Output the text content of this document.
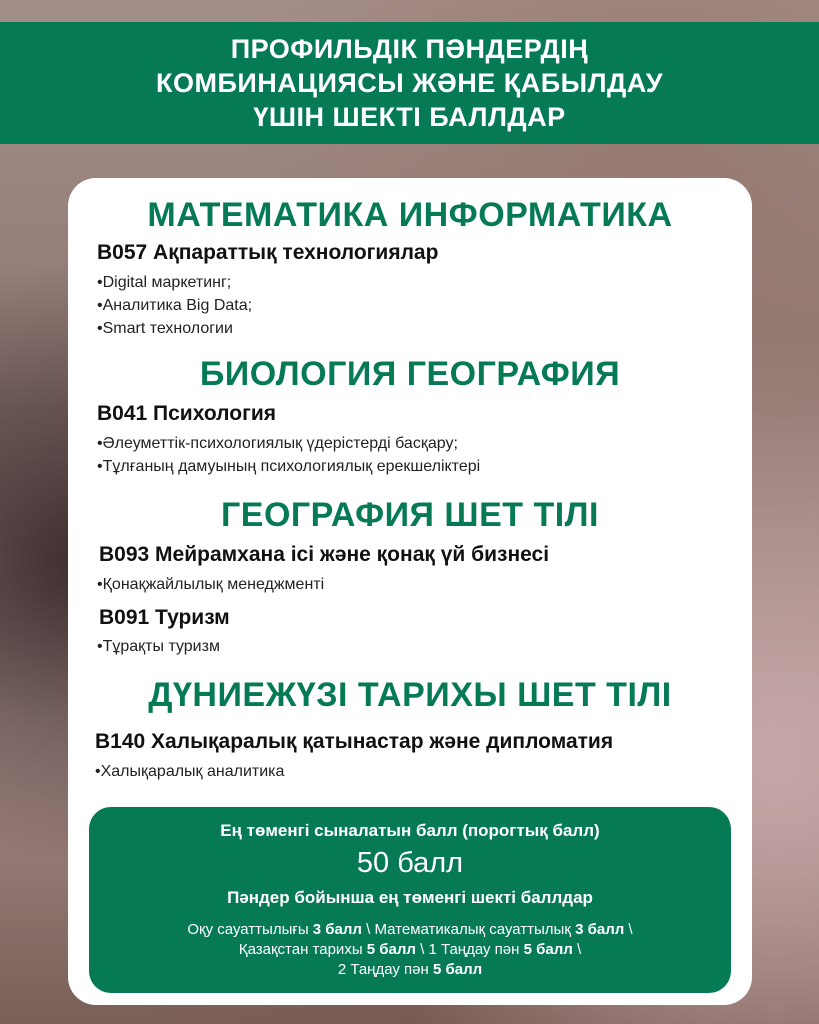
ПРОФИЛЬДІК ПӘНДЕРДІҢ
КОМБИНАЦИЯСЫ ЖӘНЕ ҚАБЫЛДАУ
ҮШІН ШЕКТІ БАЛЛДАР
МАТЕМАТИКА ИНФОРМАТИКА
B057 Ақпараттық технологиялар
• Digital маркетинг;
• Аналитика Big Data;
• Smart технологии
БИОЛОГИЯ ГЕОГРАФИЯ
B041 Психология
• Әлеуметтік-психологиялық үдерістерді басқару;
• Тұлғаның дамуының психологиялық ерекшеліктері
ГЕОГРАФИЯ ШЕТ ТІЛІ
B093 Мейрамхана ісі және қонақ үй бизнесі
• Қонақжайлылық менеджменті
B091 Туризм
• Тұрақты туризм
ДҮНИЕЖҮЗІ ТАРИХЫ ШЕТ ТІЛІ
B140 Халықаралық қатынастар және дипломатия
• Халықаралық аналитика
Ең төменгі сыналатын балл (порогтық балл)
50 балл
Пәндер бойынша ең төменгі шекті баллдар
Оқу сауаттылығы 3 балл \ Математикалық сауаттылық 3 балл \
Қазақстан тарихы 5 балл \ 1 Таңдау пән 5 балл \
2 Таңдау пән 5 балл
